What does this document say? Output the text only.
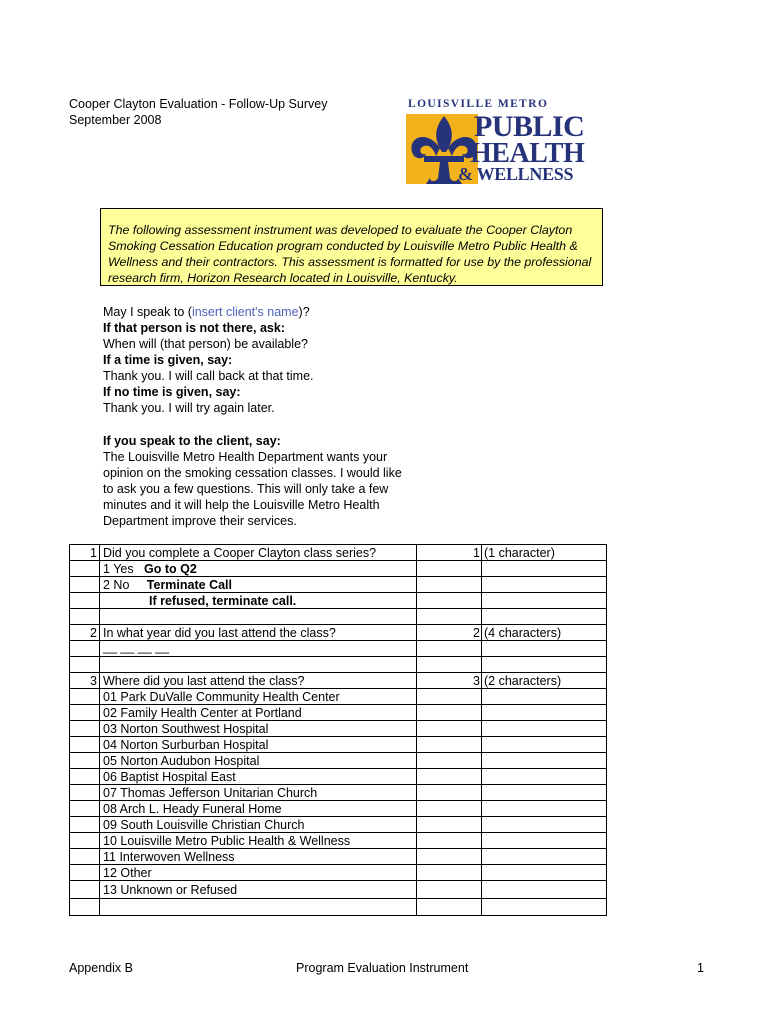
Cooper Clayton Evaluation - Follow-Up Survey
September 2008
LOUISVILLE METRO
PUBLIC
HEALTH
& WELLNESS
The following assessment instrument was developed to evaluate the Cooper Clayton Smoking Cessation Education program conducted by Louisville Metro Public Health & Wellness and their contractors. This assessment is formatted for use by the professional research firm, Horizon Research located in Louisville, Kentucky.
May I speak to (insert client's name)?
If that person is not there, ask:
When will (that person) be available?
If a time is given, say:
Thank you. I will call back at that time.
If no time is given, say:
Thank you. I will try again later.
If you speak to the client, say:
The Louisville Metro Health Department wants your
opinion on the smoking cessation classes. I would like
to ask you a few questions. This will only take a few
minutes and it will help the Louisville Metro Health
Department improve their services.
1 Did you complete a Cooper Clayton class series?	1 (1 character)
1 Yes Go to Q2
2 No Terminate Call
If refused, terminate call.
2 In what year did you last attend the class?	2 (4 characters)
__ __ __ __
3 Where did you last attend the class?	3 (2 characters)
01 Park DuValle Community Health Center
02 Family Health Center at Portland
03 Norton Southwest Hospital
04 Norton Surburban Hospital
05 Norton Audubon Hospital
06 Baptist Hospital East
07 Thomas Jefferson Unitarian Church
08 Arch L. Heady Funeral Home
09 South Louisville Christian Church
10 Louisville Metro Public Health & Wellness
11 Interwoven Wellness
12 Other
13 Unknown or Refused
Appendix B	Program Evaluation Instrument	1
